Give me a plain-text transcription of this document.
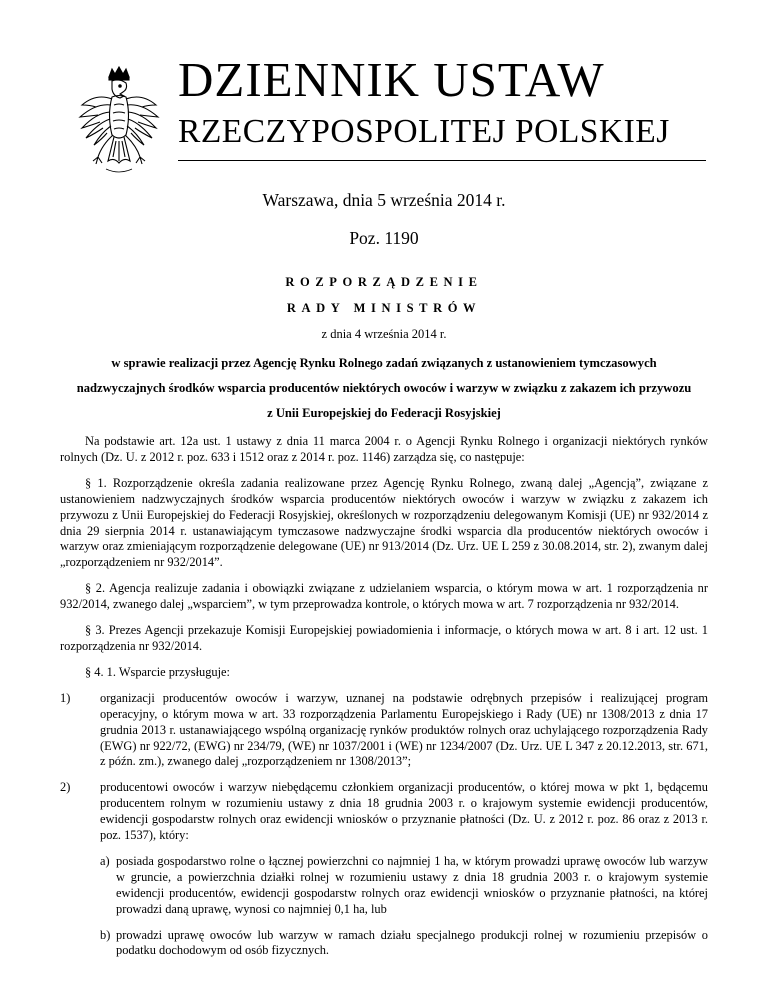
DZIENNIK USTAW
RZECZYPOSPOLITEJ POLSKIEJ
Warszawa, dnia 5 września 2014 r.
Poz. 1190
ROZPORZĄDZENIE
RADY MINISTRÓW
z dnia 4 września 2014 r.
w sprawie realizacji przez Agencję Rynku Rolnego zadań związanych z ustanowieniem tymczasowych
nadzwyczajnych środków wsparcia producentów niektórych owoców i warzyw w związku z zakazem ich przywozu
z Unii Europejskiej do Federacji Rosyjskiej

Na podstawie art. 12a ust. 1 ustawy z dnia 11 marca 2004 r. o Agencji Rynku Rolnego i organizacji niektórych rynków rolnych (Dz. U. z 2012 r. poz. 633 i 1512 oraz z 2014 r. poz. 1146) zarządza się, co następuje:

§ 1. Rozporządzenie określa zadania realizowane przez Agencję Rynku Rolnego, zwaną dalej „Agencją”, związane z ustanowieniem nadzwyczajnych środków wsparcia producentów niektórych owoców i warzyw w związku z zakazem ich przywozu z Unii Europejskiej do Federacji Rosyjskiej, określonych w rozporządzeniu delegowanym Komisji (UE) nr 932/2014 z dnia 29 sierpnia 2014 r. ustanawiającym tymczasowe nadzwyczajne środki wsparcia dla producentów niektórych owoców i warzyw oraz zmieniającym rozporządzenie delegowane (UE) nr 913/2014 (Dz. Urz. UE L 259 z 30.08.2014, str. 2), zwanym dalej „rozporządzeniem nr 932/2014”.

§ 2. Agencja realizuje zadania i obowiązki związane z udzielaniem wsparcia, o którym mowa w art. 1 rozporządzenia nr 932/2014, zwanego dalej „wsparciem”, w tym przeprowadza kontrole, o których mowa w art. 7 rozporządzenia nr 932/2014.

§ 3. Prezes Agencji przekazuje Komisji Europejskiej powiadomienia i informacje, o których mowa w art. 8 i art. 12 ust. 1 rozporządzenia nr 932/2014.

§ 4. 1. Wsparcie przysługuje:

1) organizacji producentów owoców i warzyw, uznanej na podstawie odrębnych przepisów i realizującej program operacyjny, o którym mowa w art. 33 rozporządzenia Parlamentu Europejskiego i Rady (UE) nr 1308/2013 z dnia 17 grudnia 2013 r. ustanawiającego wspólną organizację rynków produktów rolnych oraz uchylającego rozporządzenia Rady (EWG) nr 922/72, (EWG) nr 234/79, (WE) nr 1037/2001 i (WE) nr 1234/2007 (Dz. Urz. UE L 347 z 20.12.2013, str. 671, z późn. zm.), zwanego dalej „rozporządzeniem nr 1308/2013”;
2) producentowi owoców i warzyw niebędącemu członkiem organizacji producentów, o której mowa w pkt 1, będącemu producentem rolnym w rozumieniu ustawy z dnia 18 grudnia 2003 r. o krajowym systemie ewidencji producentów, ewidencji gospodarstw rolnych oraz ewidencji wniosków o przyznanie płatności (Dz. U. z 2012 r. poz. 86 oraz z 2013 r. poz. 1537), który:
a) posiada gospodarstwo rolne o łącznej powierzchni co najmniej 1 ha, w którym prowadzi uprawę owoców lub warzyw w gruncie, a powierzchnia działki rolnej w rozumieniu ustawy z dnia 18 grudnia 2003 r. o krajowym systemie ewidencji producentów, ewidencji gospodarstw rolnych oraz ewidencji wniosków o przyznanie płatności, na której prowadzi daną uprawę, wynosi co najmniej 0,1 ha, lub
b) prowadzi uprawę owoców lub warzyw w ramach działu specjalnego produkcji rolnej w rozumieniu przepisów o podatku dochodowym od osób fizycznych.
